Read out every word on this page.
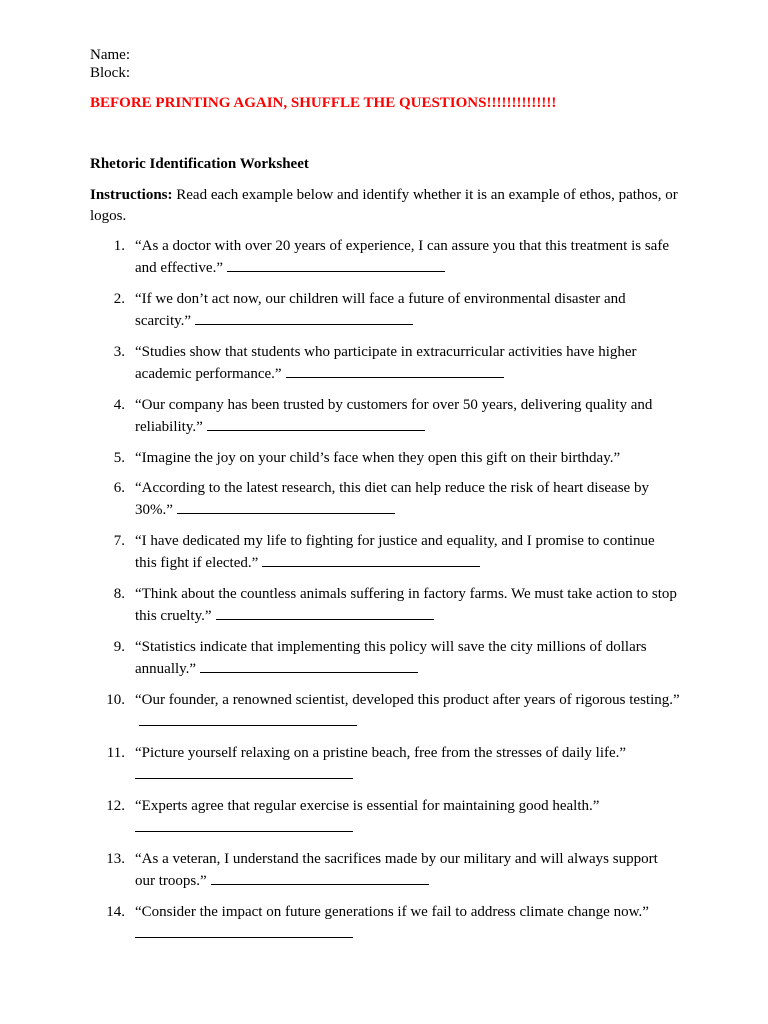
Name:
Block:
BEFORE PRINTING AGAIN, SHUFFLE THE QUESTIONS!!!!!!!!!!!!!!
Rhetoric Identification Worksheet
Instructions: Read each example below and identify whether it is an example of ethos, pathos, or logos.
1. “As a doctor with over 20 years of experience, I can assure you that this treatment is safe and effective.”
2. “If we don’t act now, our children will face a future of environmental disaster and scarcity.”
3. “Studies show that students who participate in extracurricular activities have higher academic performance.”
4. “Our company has been trusted by customers for over 50 years, delivering quality and reliability.”
5. “Imagine the joy on your child’s face when they open this gift on their birthday.”
6. “According to the latest research, this diet can help reduce the risk of heart disease by 30%.”
7. “I have dedicated my life to fighting for justice and equality, and I promise to continue this fight if elected.”
8. “Think about the countless animals suffering in factory farms. We must take action to stop this cruelty.”
9. “Statistics indicate that implementing this policy will save the city millions of dollars annually.”
10. “Our founder, a renowned scientist, developed this product after years of rigorous testing.”
11. “Picture yourself relaxing on a pristine beach, free from the stresses of daily life.”

12. “Experts agree that regular exercise is essential for maintaining good health.”

13. “As a veteran, I understand the sacrifices made by our military and will always support our troops.”
14. “Consider the impact on future generations if we fail to address climate change now.”
